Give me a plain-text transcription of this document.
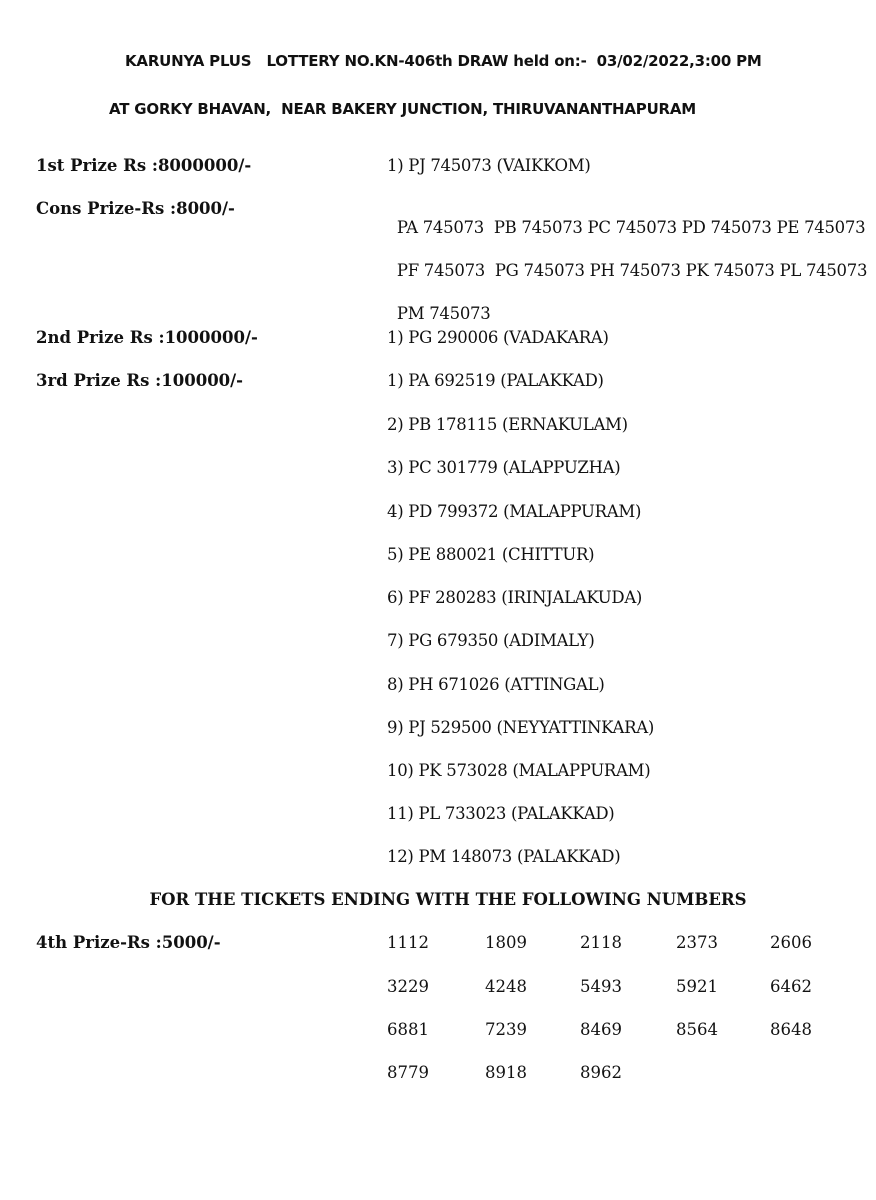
KARUNYA PLUS   LOTTERY NO.KN-406th DRAW held on:-  03/02/2022,3:00 PM
AT GORKY BHAVAN,  NEAR BAKERY JUNCTION, THIRUVANANTHAPURAM
1st Prize Rs :8000000/-	1) PJ 745073 (VAIKKOM)
Cons Prize-Rs :8000/-

PA 745073 PB 745073 PC 745073 PD 745073 PE 745073

PF 745073 PG 745073 PH 745073 PK 745073 PL 745073

PM 745073

2nd Prize Rs :1000000/-	1) PG 290006 (VADAKARA)
3rd Prize Rs :100000/-	1) PA 692519 (PALAKKAD)
2) PB 178115 (ERNAKULAM)
3) PC 301779 (ALAPPUZHA)
4) PD 799372 (MALAPPURAM)
5) PE 880021 (CHITTUR)
6) PF 280283 (IRINJALAKUDA)
7) PG 679350 (ADIMALY)
8) PH 671026 (ATTINGAL)
9) PJ 529500 (NEYYATTINKARA)
10) PK 573028 (MALAPPURAM)
11) PL 733023 (PALAKKAD)
12) PM 148073 (PALAKKAD)
FOR THE TICKETS ENDING WITH THE FOLLOWING NUMBERS
4th Prize-Rs :5000/-	1112	1809	2118	2373	2606
3229	4248	5493	5921	6462
6881	7239	8469	8564	8648
8779	8918	8962
